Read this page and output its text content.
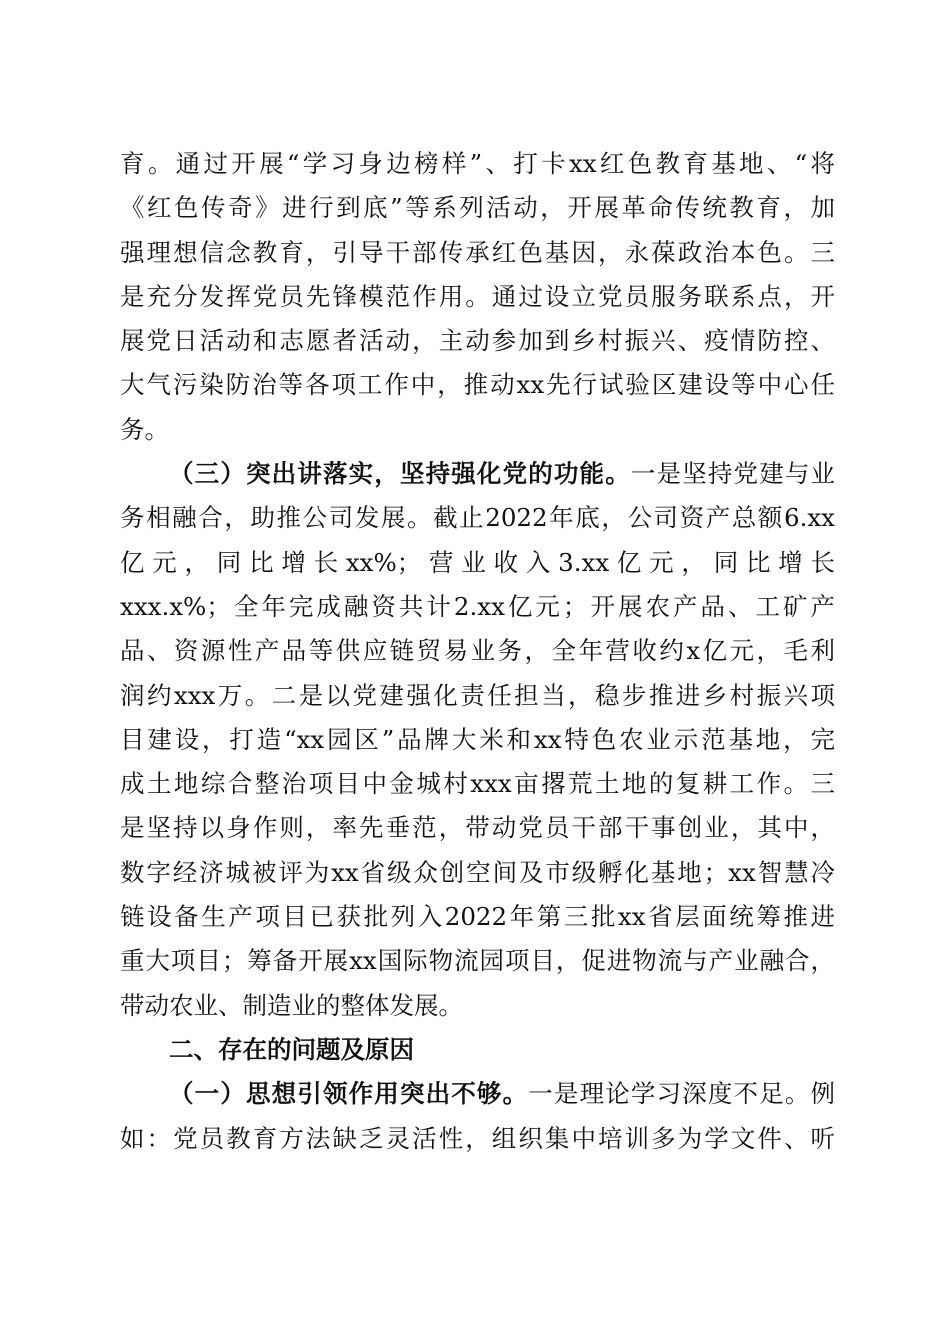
育。通过开展“学习身边榜样”、打卡xx红色教育基地、“将
《红色传奇》进行到底”等系列活动，开展革命传统教育，加
强理想信念教育，引导干部传承红色基因，永葆政治本色。三
是充分发挥党员先锋模范作用。通过设立党员服务联系点，开
展党日活动和志愿者活动，主动参加到乡村振兴、疫情防控、
大气污染防治等各项工作中，推动xx先行试验区建设等中心任
务。
（三）突出讲落实，坚持强化党的功能。一是坚持党建与业
务相融合，助推公司发展。截止2022年底，公司资产总额6.xx
亿元，同比增长xx%；营业收入3.xx亿元，同比增长
xxx.x%；全年完成融资共计2.xx亿元；开展农产品、工矿产
品、资源性产品等供应链贸易业务，全年营收约x亿元，毛利
润约xxx万。二是以党建强化责任担当，稳步推进乡村振兴项
目建设，打造“xx园区”品牌大米和xx特色农业示范基地，完
成土地综合整治项目中金城村xxx亩撂荒土地的复耕工作。三
是坚持以身作则，率先垂范，带动党员干部干事创业，其中，
数字经济城被评为xx省级众创空间及市级孵化基地；xx智慧冷
链设备生产项目已获批列入2022年第三批xx省层面统筹推进
重大项目；筹备开展xx国际物流园项目，促进物流与产业融合，
带动农业、制造业的整体发展。
二、存在的问题及原因
（一）思想引领作用突出不够。一是理论学习深度不足。例
如：党员教育方法缺乏灵活性，组织集中培训多为学文件、听
